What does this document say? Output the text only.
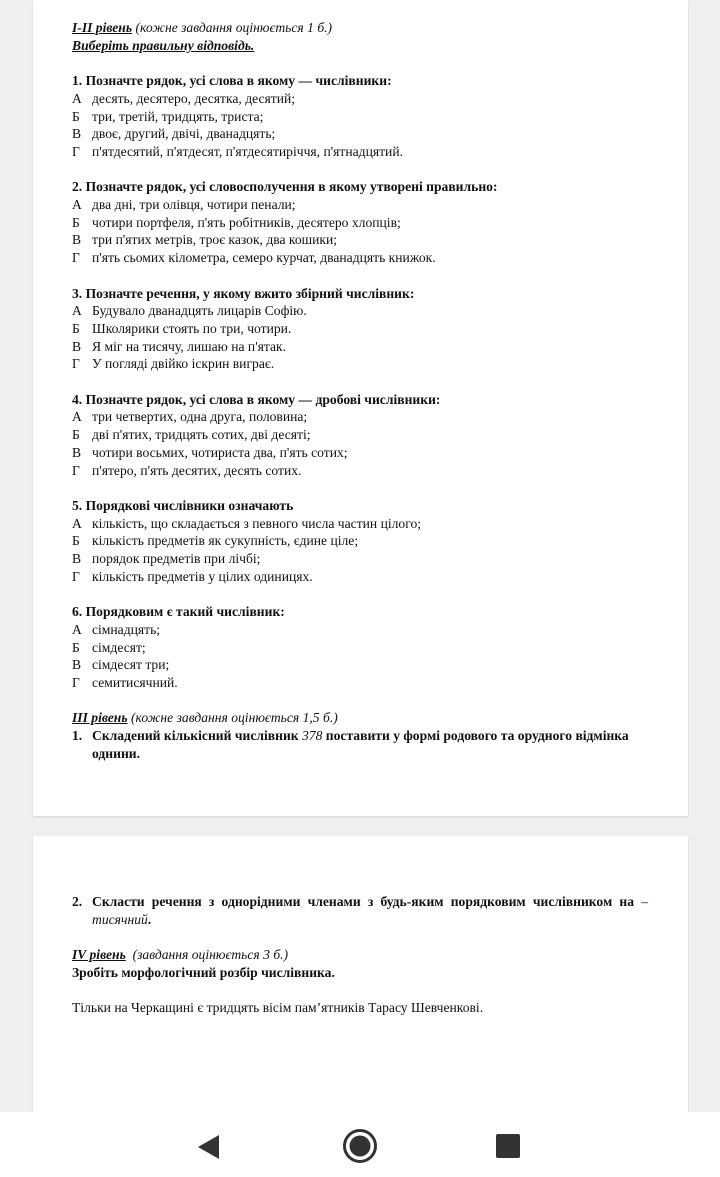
I-II рівень (кожне завдання оцінюється 1 б.)
Виберіть правильну відповідь.
1. Позначте рядок, усі слова в якому — числівники:
А десять, десятеро, десятка, десятий;
Б три, третій, тридцять, триста;
В двоє, другий, двічі, дванадцять;
Г п'ятдесятий, п'ятдесят, п'ятдесятиріччя, п'ятнадцятий.
2. Позначте рядок, усі словосполучення в якому утворені правильно:
А два дні, три олівця, чотири пенали;
Б чотири портфеля, п'ять робітників, десятеро хлопців;
В три п'ятих метрів, троє казок, два кошики;
Г п'ять сьомих кілометра, семеро курчат, дванадцять книжок.
3. Позначте речення, у якому вжито збірний числівник:
А Будувало дванадцять лицарів Софію.
Б Школярики стоять по три, чотири.
В Я міг на тисячу, лишаю на п'ятак.
Г У погляді двійко іскрин виграє.
4. Позначте рядок, усі слова в якому — дробові числівники:
А три четвертих, одна друга, половина;
Б дві п'ятих, тридцять сотих, дві десяті;
В чотири восьмих, чотириста два, п'ять сотих;
Г п'ятеро, п'ять десятих, десять сотих.
5. Порядкові числівники означають
А кількість, що складається з певного числа частин цілого;
Б кількість предметів як сукупність, єдине ціле;
В порядок предметів при лічбі;
Г кількість предметів у цілих одиницях.
6. Порядковим є такий числівник:
А сімнадцять;
Б сімдесят;
В сімдесят три;
Г семитисячний.
ІІІ рівень (кожне завдання оцінюється 1,5 б.)
1. Складений кількісний числівник 378 поставити у формі родового та орудного відмінка однини.
2. Скласти речення з однорідними членами з будь-яким порядковим числівником на –тисячний.
IV рівень  (завдання оцінюється 3 б.)
Зробіть морфологічний розбір числівника.
Тільки на Черкащині є тридцять вісім пам’ятників Тарасу Шевченкові.
